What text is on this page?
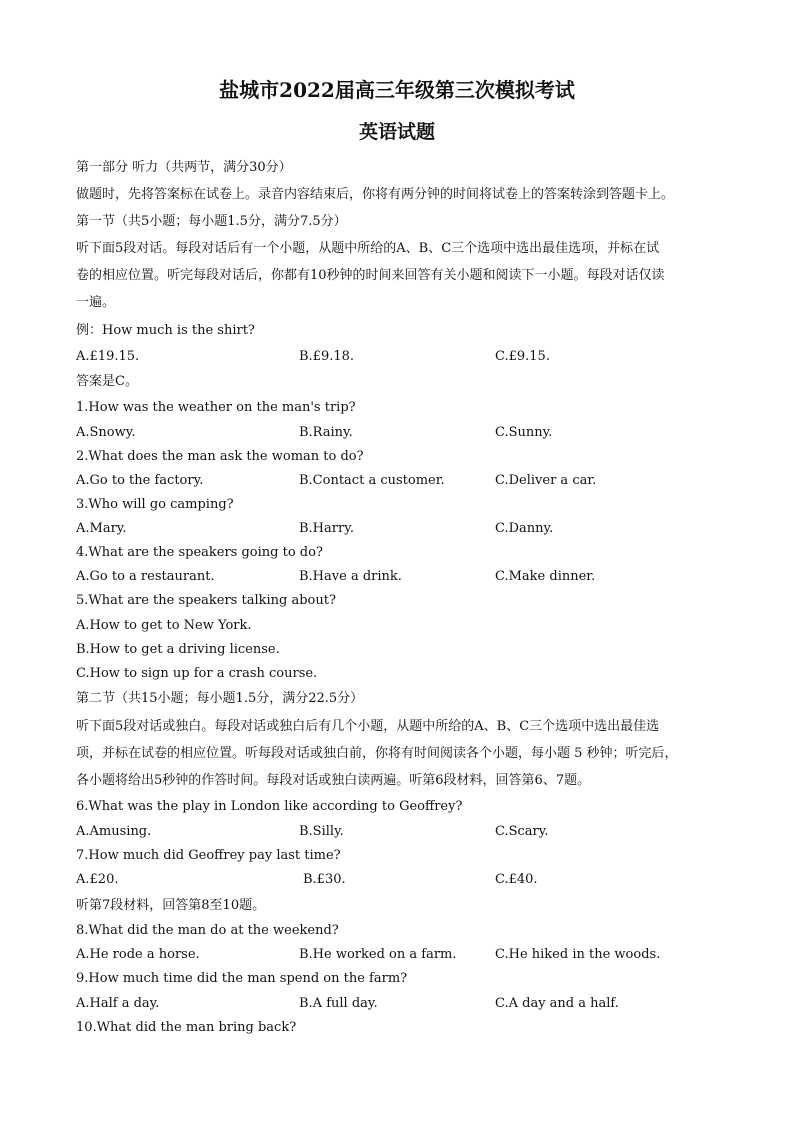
盐城市2022届高三年级第三次模拟考试
英语试题
第一部分 听力（共两节，满分30分）
做题时，先将答案标在试卷上。录音内容结束后，你将有两分钟的时间将试卷上的答案转涂到答题卡上。
第一节（共5小题；每小题1.5分，满分7.5分）
听下面5段对话。每段对话后有一个小题，从题中所给的A、B、C三个选项中选出最佳选项，并标在试
卷的相应位置。听完每段对话后，你都有10秒钟的时间来回答有关小题和阅读下一小题。每段对话仅读
一遍。
例：How much is the shirt?
A.£19.15.	B.£9.18.	C.£9.15.
答案是C。
1.How was the weather on the man's trip?
A.Snowy.	B.Rainy.	C.Sunny.
2.What does the man ask the woman to do?
A.Go to the factory.	B.Contact a customer.	C.Deliver a car.
3.Who will go camping?
A.Mary.	B.Harry.	C.Danny.
4.What are the speakers going to do?
A.Go to a restaurant.	B.Have a drink.	C.Make dinner.
5.What are the speakers talking about?
A.How to get to New York.
B.How to get a driving license.
C.How to sign up for a crash course.
第二节（共15小题；每小题1.5分，满分22.5分）
听下面5段对话或独白。每段对话或独白后有几个小题，从题中所给的A、B、C三个选项中选出最佳选
项，并标在试卷的相应位置。听每段对话或独白前，你将有时间阅读各个小题，每小题 5 秒钟；听完后，
各小题将给出5秒钟的作答时间。每段对话或独白读两遍。听第6段材料，回答第6、7题。
6.What was the play in London like according to Geoffrey?
A.Amusing.	B.Silly.	C.Scary.
7.How much did Geoffrey pay last time?
A.£20.	B.£30.	C.£40.
听第7段材料，回答第8至10题。
8.What did the man do at the weekend?
A.He rode a horse.	B.He worked on a farm.	C.He hiked in the woods.
9.How much time did the man spend on the farm?
A.Half a day.	B.A full day.	C.A day and a half.
10.What did the man bring back?
